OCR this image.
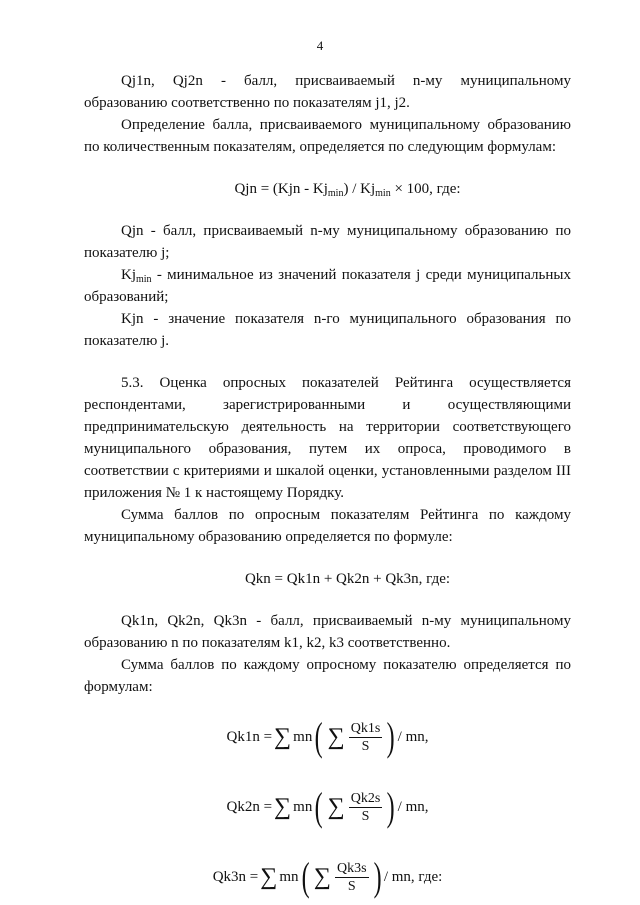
4

Qj1n, Qj2n - балл, присваиваемый n-му муниципальному образованию соответственно по показателям j1, j2.

Определение балла, присваиваемого муниципальному образованию по количественным показателям, определяется по следующим формулам:

Qjn = $(Kjn - Kj_{min}) / Kj_{min} \times 100$, где:

Qjn - балл, присваиваемый n-му муниципальному образованию по показателю j;

$Kj_{min}$ - минимальное из значений показателя j среди муниципальных образований;

Kjn - значение показателя n-го муниципального образования по показателю j.

5.3. Оценка опросных показателей Рейтинга осуществляется респондентами, зарегистрированными и осуществляющими предпринимательскую деятельность на территории соответствующего муниципального образования, путем их опроса, проводимого в соответствии с критериями и шкалой оценки, установленными разделом III приложения № 1 к настоящему Порядку.

Сумма баллов по опросным показателям Рейтинга по каждому муниципальному образованию определяется по формуле:

Qkn = Qk1n + Qk2n + Qk3n, где:

Qk1n, Qk2n, Qk3n - балл, присваиваемый n-му муниципальному образованию n по показателям k1, k2, k3 соответственно.

Сумма баллов по каждому опросному показателю определяется по формулам:

Qk1n = ∑ mn ( ∑ $\frac{Qk1s}{S}$ ) / mn,
Qk2n = ∑ mn ( ∑ $\frac{Qk2s}{S}$ ) / mn,
Qk3n = ∑ mn ( ∑ $\frac{Qk3s}{S}$ ) / mn, где:
